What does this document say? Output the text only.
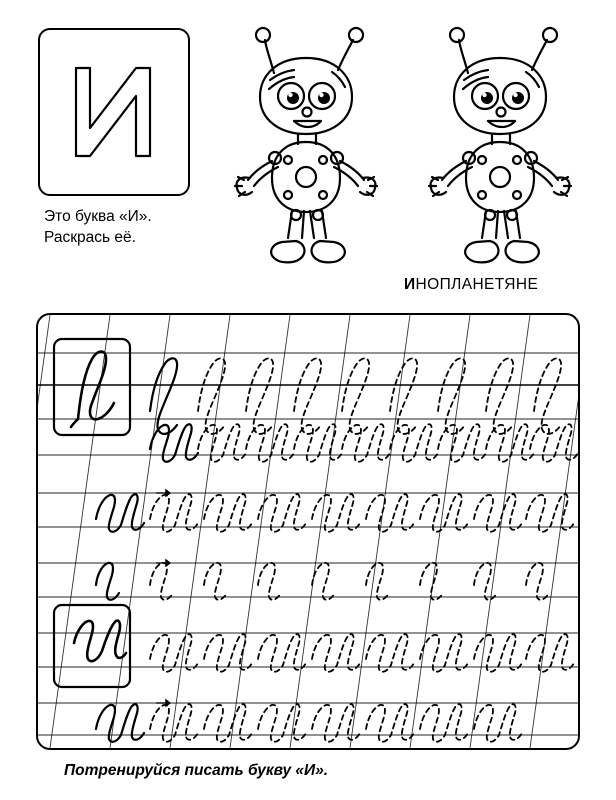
Это буква «И».
Раскрась её.
ИНОПЛАНЕТЯНЕ
Потренируйся писать букву «И».
